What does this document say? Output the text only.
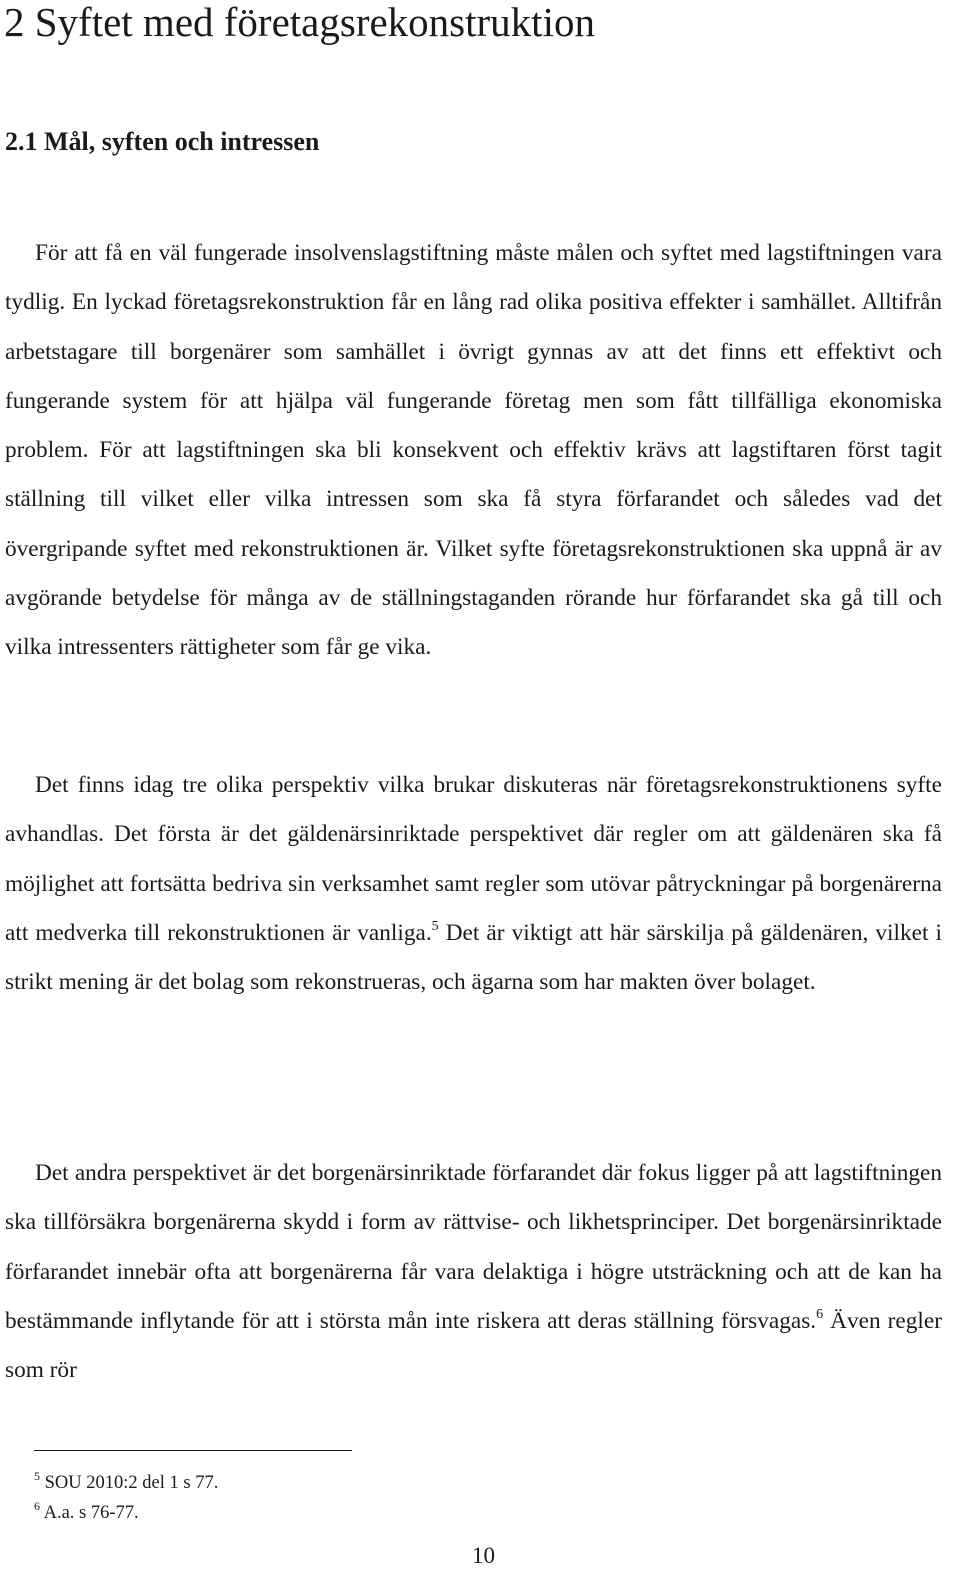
2 Syftet med företagsrekonstruktion
2.1 Mål, syften och intressen

För att få en väl fungerade insolvenslagstiftning måste målen och syftet med lagstiftningen vara tydlig. En lyckad företagsrekonstruktion får en lång rad olika positiva effekter i samhället. Alltifrån arbetstagare till borgenärer som samhället i övrigt gynnas av att det finns ett effektivt och fungerande system för att hjälpa väl fungerande företag men som fått tillfälliga ekonomiska problem. För att lagstiftningen ska bli konsekvent och effektiv krävs att lagstiftaren först tagit ställning till vilket eller vilka intressen som ska få styra förfarandet och således vad det övergripande syftet med rekonstruktionen är. Vilket syfte företagsrekonstruktionen ska uppnå är av avgörande betydelse för många av de ställningstaganden rörande hur förfarandet ska gå till och vilka intressenters rättigheter som får ge vika.

Det finns idag tre olika perspektiv vilka brukar diskuteras när företagsrekonstruktionens syfte avhandlas. Det första är det gäldenärsinriktade perspektivet där regler om att gäldenären ska få möjlighet att fortsätta bedriva sin verksamhet samt regler som utövar påtryckningar på borgenärerna att medverka till rekonstruktionen är vanliga.$^5$ Det är viktigt att här särskilja på gäldenären, vilket i strikt mening är det bolag som rekonstrueras, och ägarna som har makten över bolaget.

Det andra perspektivet är det borgenärsinriktade förfarandet där fokus ligger på att lagstiftningen ska tillförsäkra borgenärerna skydd i form av rättvise- och likhetsprinciper. Det borgenärsinriktade förfarandet innebär ofta att borgenärerna får vara delaktiga i högre utsträckning och att de kan ha bestämmande inflytande för att i största mån inte riskera att deras ställning försvagas.$^6$ Även regler som rör

$^5$ SOU 2010:2 del 1 s 77.

$^6$ A.a. s 76-77.

10
